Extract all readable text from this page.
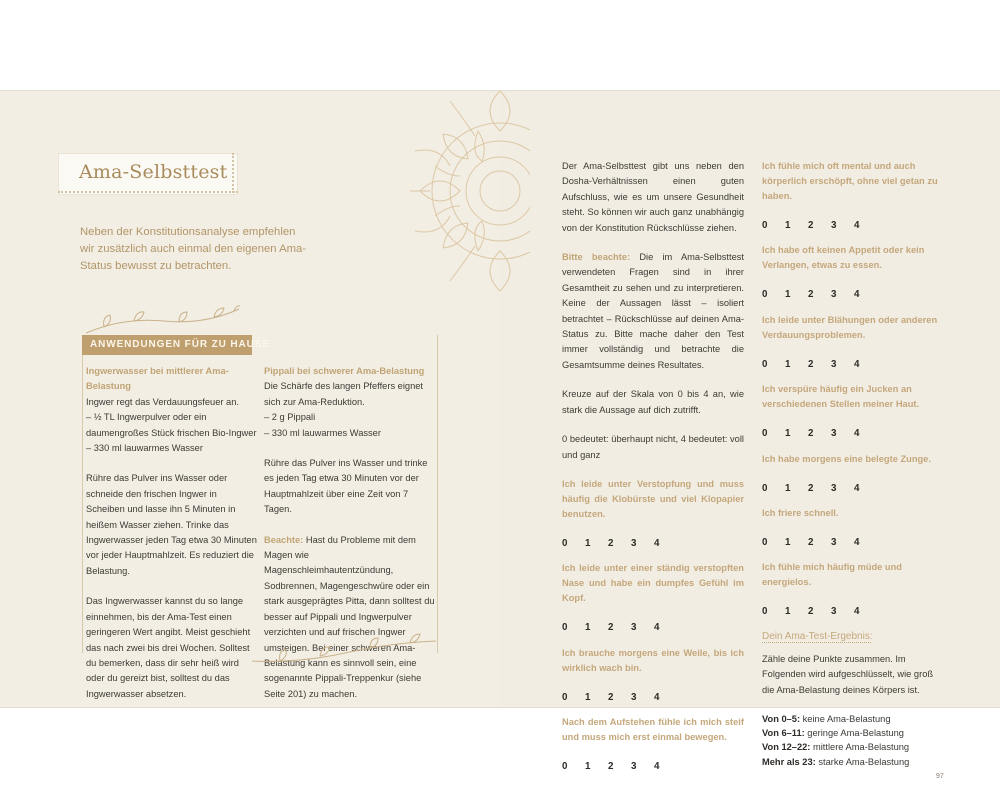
Ama-Selbsttest
Neben der Konstitutionsanalyse empfehlen wir zusätzlich auch einmal den eigenen Ama-Status bewusst zu betrachten.
ANWENDUNGEN FÜR ZU HAUSE

Ingwerwasser bei mittlerer Ama-Belastung

Ingwer regt das Verdauungsfeuer an.
– ½ TL Ingwerpulver oder ein daumengroßes Stück frischen Bio-Ingwer
– 330 ml lauwarmes Wasser

Rühre das Pulver ins Wasser oder schneide den frischen Ingwer in Scheiben und lasse ihn 5 Minuten in heißem Wasser ziehen. Trinke das Ingwerwasser jeden Tag etwa 30 Minuten vor jeder Hauptmahlzeit. Es reduziert die Belastung.

Das Ingwerwasser kannst du so lange einnehmen, bis der Ama-Test einen geringeren Wert angibt. Meist geschieht das nach zwei bis drei Wochen. Solltest du bemerken, dass dir sehr heiß wird oder du gereizt bist, solltest du das Ingwerwasser absetzen.

Pippali bei schwerer Ama-Belastung

Die Schärfe des langen Pfeffers eignet sich zur Ama-Reduktion.
– 2 g Pippali
– 330 ml lauwarmes Wasser

Rühre das Pulver ins Wasser und trinke es jeden Tag etwa 30 Minuten vor der Hauptmahlzeit über eine Zeit von 7 Tagen.

Beachte: Hast du Probleme mit dem Magen wie Magenschleimhautentzündung, Sodbrennen, Magengeschwüre oder ein stark ausgeprägtes Pitta, dann solltest du besser auf Pippali und Ingwerpulver verzichten und auf frischen Ingwer umsteigen. Bei einer schweren Ama-Belastung kann es sinnvoll sein, eine sogenannte Pippali-Treppenkur (siehe Seite 201) zu machen.

Der Ama-Selbsttest gibt uns neben den Dosha-Verhältnissen einen guten Aufschluss, wie es um unsere Gesundheit steht. So können wir auch ganz unabhängig von der Konstitution Rückschlüsse ziehen.

Bitte beachte: Die im Ama-Selbsttest verwendeten Fragen sind in ihrer Gesamtheit zu sehen und zu interpretieren. Keine der Aussagen lässt – isoliert betrachtet – Rückschlüsse auf deinen Ama-Status zu. Bitte mache daher den Test immer vollständig und betrachte die Gesamtsumme deines Resultates.

Kreuze auf der Skala von 0 bis 4 an, wie stark die Aussage auf dich zutrifft.

0 bedeutet: überhaupt nicht, 4 bedeutet: voll und ganz

Ich leide unter Verstopfung und muss häufig die Klobürste und viel Klopapier benutzen.

0	1	2	3	4

Ich leide unter einer ständig verstopften Nase und habe ein dumpfes Gefühl im Kopf.

0	1	2	3	4

Ich brauche morgens eine Weile, bis ich wirklich wach bin.

0	1	2	3	4

Nach dem Aufstehen fühle ich mich steif und muss mich erst einmal bewegen.

0	1	2	3	4

Ich fühle mich oft mental und auch körperlich erschöpft, ohne viel getan zu haben.

0	1	2	3	4

Ich habe oft keinen Appetit oder kein Verlangen, etwas zu essen.

0	1	2	3	4

Ich leide unter Blähungen oder anderen Verdauungsproblemen.

0	1	2	3	4

Ich verspüre häufig ein Jucken an verschiedenen Stellen meiner Haut.

0	1	2	3	4

Ich habe morgens eine belegte Zunge.

0	1	2	3	4

Ich friere schnell.

0	1	2	3	4

Ich fühle mich häufig müde und energielos.

0	1	2	3	4
Dein Ama-Test-Ergebnis:

Zähle deine Punkte zusammen. Im Folgenden wird aufgeschlüsselt, wie groß die Ama-Belastung deines Körpers ist.

Von 0–5: keine Ama-Belastung
Von 6–11: geringe Ama-Belastung
Von 12–22: mittlere Ama-Belastung
Mehr als 23: starke Ama-Belastung
97
